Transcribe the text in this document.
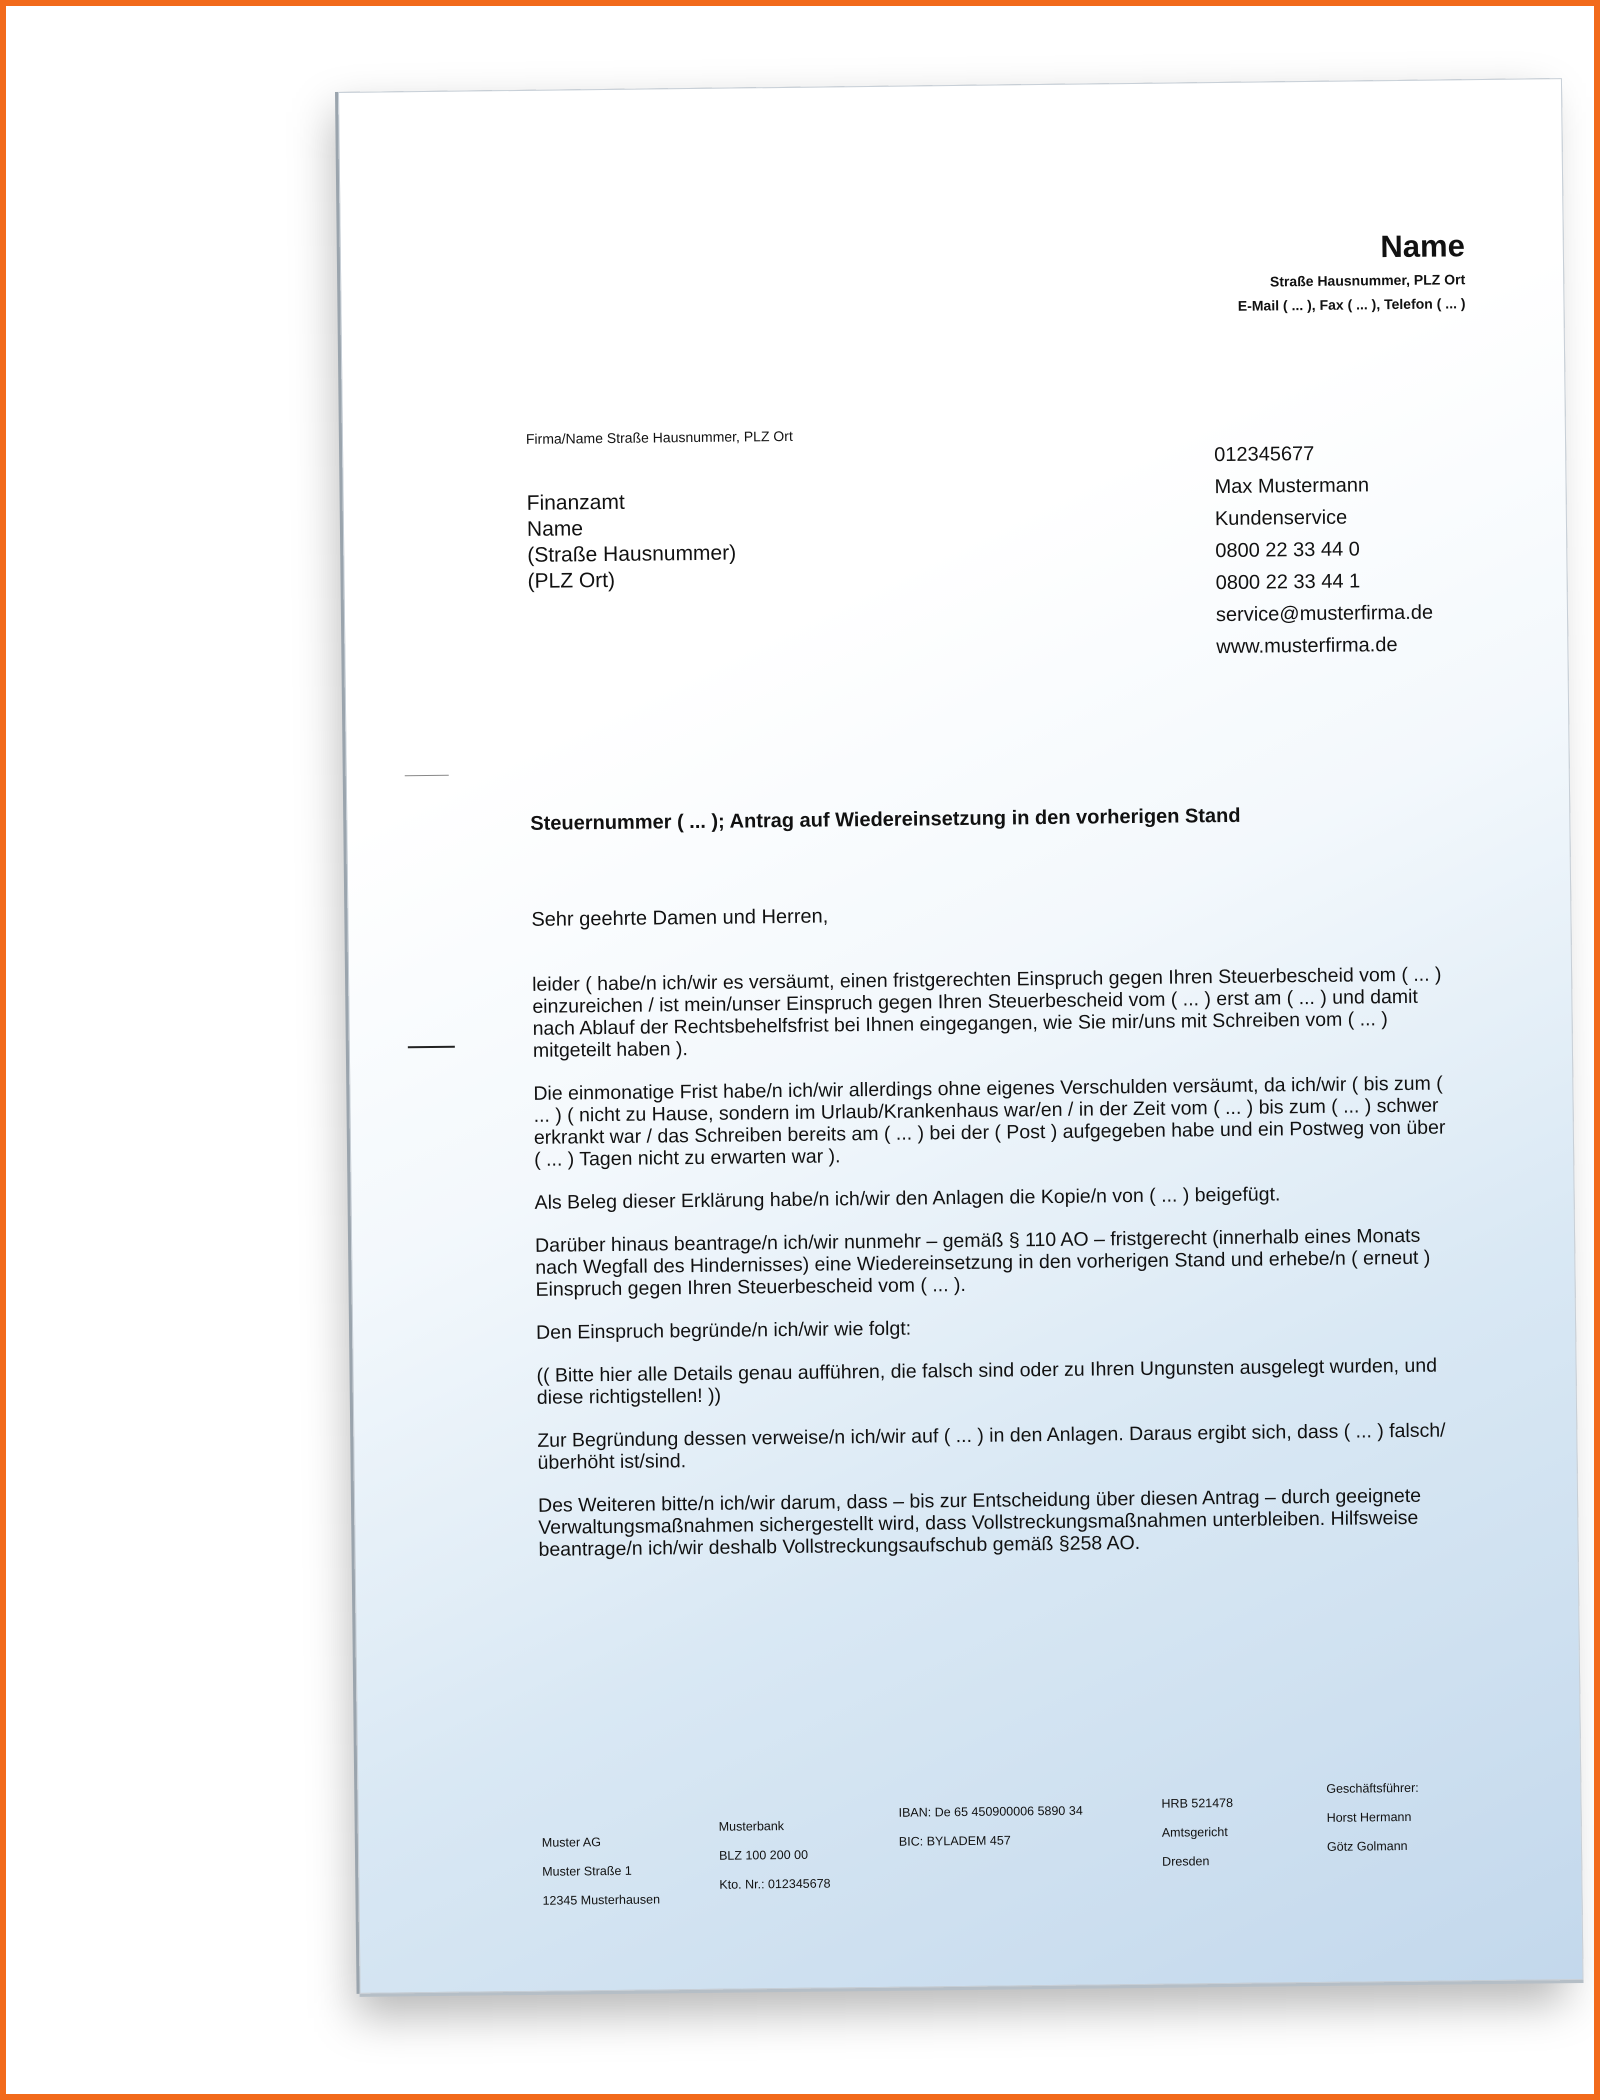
Name
Straße Hausnummer, PLZ Ort
E-Mail ( ... ), Fax ( ... ), Telefon ( ... )
Firma/Name Straße Hausnummer, PLZ Ort
Finanzamt
Name
(Straße Hausnummer)
(PLZ Ort)
012345677
Max Mustermann
Kundenservice
0800 22 33 44 0
0800 22 33 44 1
service@musterfirma.de
www.musterfirma.de
Steuernummer ( ... ); Antrag auf Wiedereinsetzung in den vorherigen Stand
Sehr geehrte Damen und Herren,

leider ( habe/n ich/wir es versäumt, einen fristgerechten Einspruch gegen Ihren Steuerbescheid vom ( ... ) einzureichen / ist mein/unser Einspruch gegen Ihren Steuerbescheid vom ( ... ) erst am ( ... ) und damit nach Ablauf der Rechtsbehelfsfrist bei Ihnen eingegangen, wie Sie mir/uns mit Schreiben vom ( ... ) mitgeteilt haben ).

Die einmonatige Frist habe/n ich/wir allerdings ohne eigenes Verschulden versäumt, da ich/wir ( bis zum ( ... ) ( nicht zu Hause, sondern im Urlaub/Krankenhaus war/en / in der Zeit vom ( ... ) bis zum ( ... ) schwer erkrankt war / das Schreiben bereits am ( ... ) bei der ( Post ) aufgegeben habe und ein Postweg von über ( ... ) Tagen nicht zu erwarten war ).

Als Beleg dieser Erklärung habe/n ich/wir den Anlagen die Kopie/n von ( ... ) beigefügt.

Darüber hinaus beantrage/n ich/wir nunmehr – gemäß § 110 AO – fristgerecht (innerhalb eines Monats nach Wegfall des Hindernisses) eine Wiedereinsetzung in den vorherigen Stand und erhebe/n ( erneut ) Einspruch gegen Ihren Steuerbescheid vom ( ... ).

Den Einspruch begründe/n ich/wir wie folgt:

(( Bitte hier alle Details genau aufführen, die falsch sind oder zu Ihren Ungunsten ausgelegt wurden, und diese richtigstellen! ))

Zur Begründung dessen verweise/n ich/wir auf ( ... ) in den Anlagen. Daraus ergibt sich, dass ( ... ) falsch/überhöht ist/sind.

Des Weiteren bitte/n ich/wir darum, dass – bis zur Entscheidung über diesen Antrag – durch geeignete Verwaltungsmaßnahmen sichergestellt wird, dass Vollstreckungsmaßnahmen unterbleiben. Hilfsweise beantrage/n ich/wir deshalb Vollstreckungsaufschub gemäß §258 AO.

Muster AG
Muster Straße 1
12345 Musterhausen
Musterbank
BLZ 100 200 00
Kto. Nr.: 012345678
IBAN: De 65 450900006 5890 34
BIC: BYLADEM 457
HRB 521478
Amtsgericht
Dresden
Geschäftsführer:
Horst Hermann
Götz Golmann
